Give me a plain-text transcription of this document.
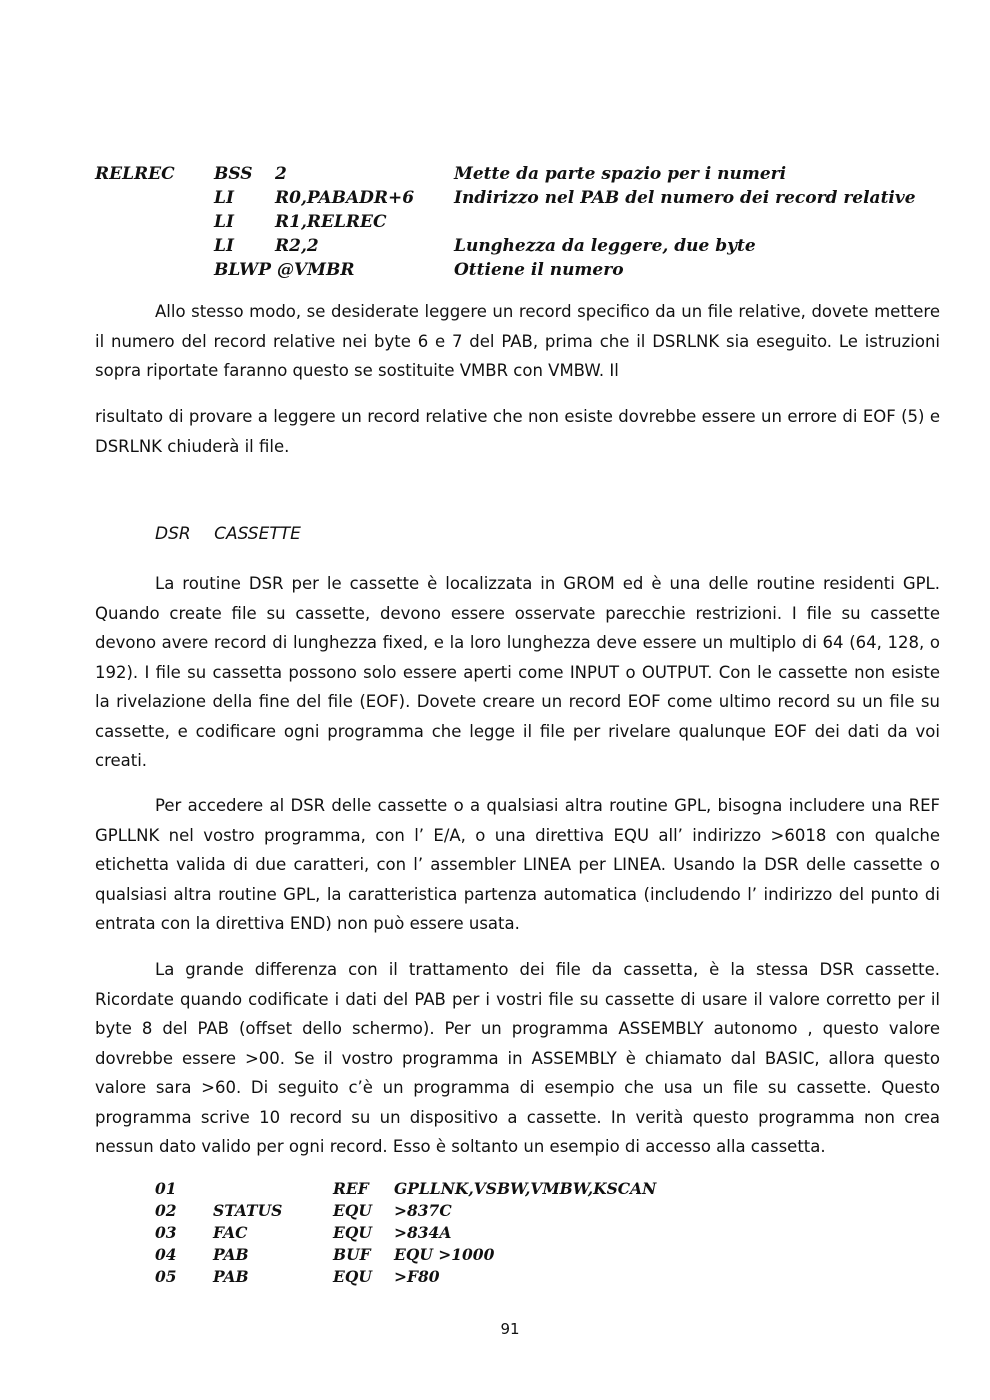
RELREC BSS 2	Mette da parte spazio per i numeri
LI R0,PABADR+6 Indirizzo nel PAB del numero dei record relative
LI R1,RELREC
LI R2,2	Lunghezza da leggere, due byte
BLWP @VMBR	Ottiene il numero

Allo stesso modo, se desiderate leggere un record specifico da un file relative, dovete mettere il numero del record relative nei byte 6 e 7 del PAB, prima che il DSRLNK sia eseguito. Le istruzioni sopra riportate faranno questo se sostituite VMBR con VMBW. Il

risultato di provare a leggere un record relative che non esiste dovrebbe essere un errore di EOF (5) e DSRLNK chiuderà il file.

DSR CASSETTE

La routine DSR per le cassette è localizzata in GROM ed è una delle routine residenti GPL. Quando create file su cassette, devono essere osservate parecchie restrizioni. I file su cassette devono avere record di lunghezza fixed, e la loro lunghezza deve essere un multiplo di 64 (64, 128, o 192). I file su cassetta possono solo essere aperti come INPUT o OUTPUT. Con le cassette non esiste la rivelazione della fine del file (EOF). Dovete creare un record EOF come ultimo record su un file su cassette, e codificare ogni programma che legge il file per rivelare qualunque EOF dei dati da voi creati.

Per accedere al DSR delle cassette o a qualsiasi altra routine GPL, bisogna includere una REF GPLLNK nel vostro programma, con l’ E/A, o una direttiva EQU all’ indirizzo >6018 con qualche etichetta valida di due caratteri, con l’ assembler LINEA per LINEA. Usando la DSR delle cassette o qualsiasi altra routine GPL, la caratteristica partenza automatica (includendo l’ indirizzo del punto di entrata con la direttiva END) non può essere usata.

La grande differenza con il trattamento dei file da cassetta, è la stessa DSR cassette. Ricordate quando codificate i dati del PAB per i vostri file su cassette di usare il valore corretto per il byte 8 del PAB (offset dello schermo). Per un programma ASSEMBLY autonomo , questo valore dovrebbe essere >00. Se il vostro programma in ASSEMBLY è chiamato dal BASIC, allora questo valore sara >60. Di seguito c’è un programma di esempio che usa un file su cassette. Questo programma scrive 10 record su un dispositivo a cassette. In verità questo programma non crea nessun dato valido per ogni record. Esso è soltanto un esempio di accesso alla cassetta.

01	REF GPLLNK,VSBW,VMBW,KSCAN
02 STATUS	EQU >837C
03 FAC	EQU >834A
04 PAB	BUF EQU >1000
05 PAB	EQU >F80
91
